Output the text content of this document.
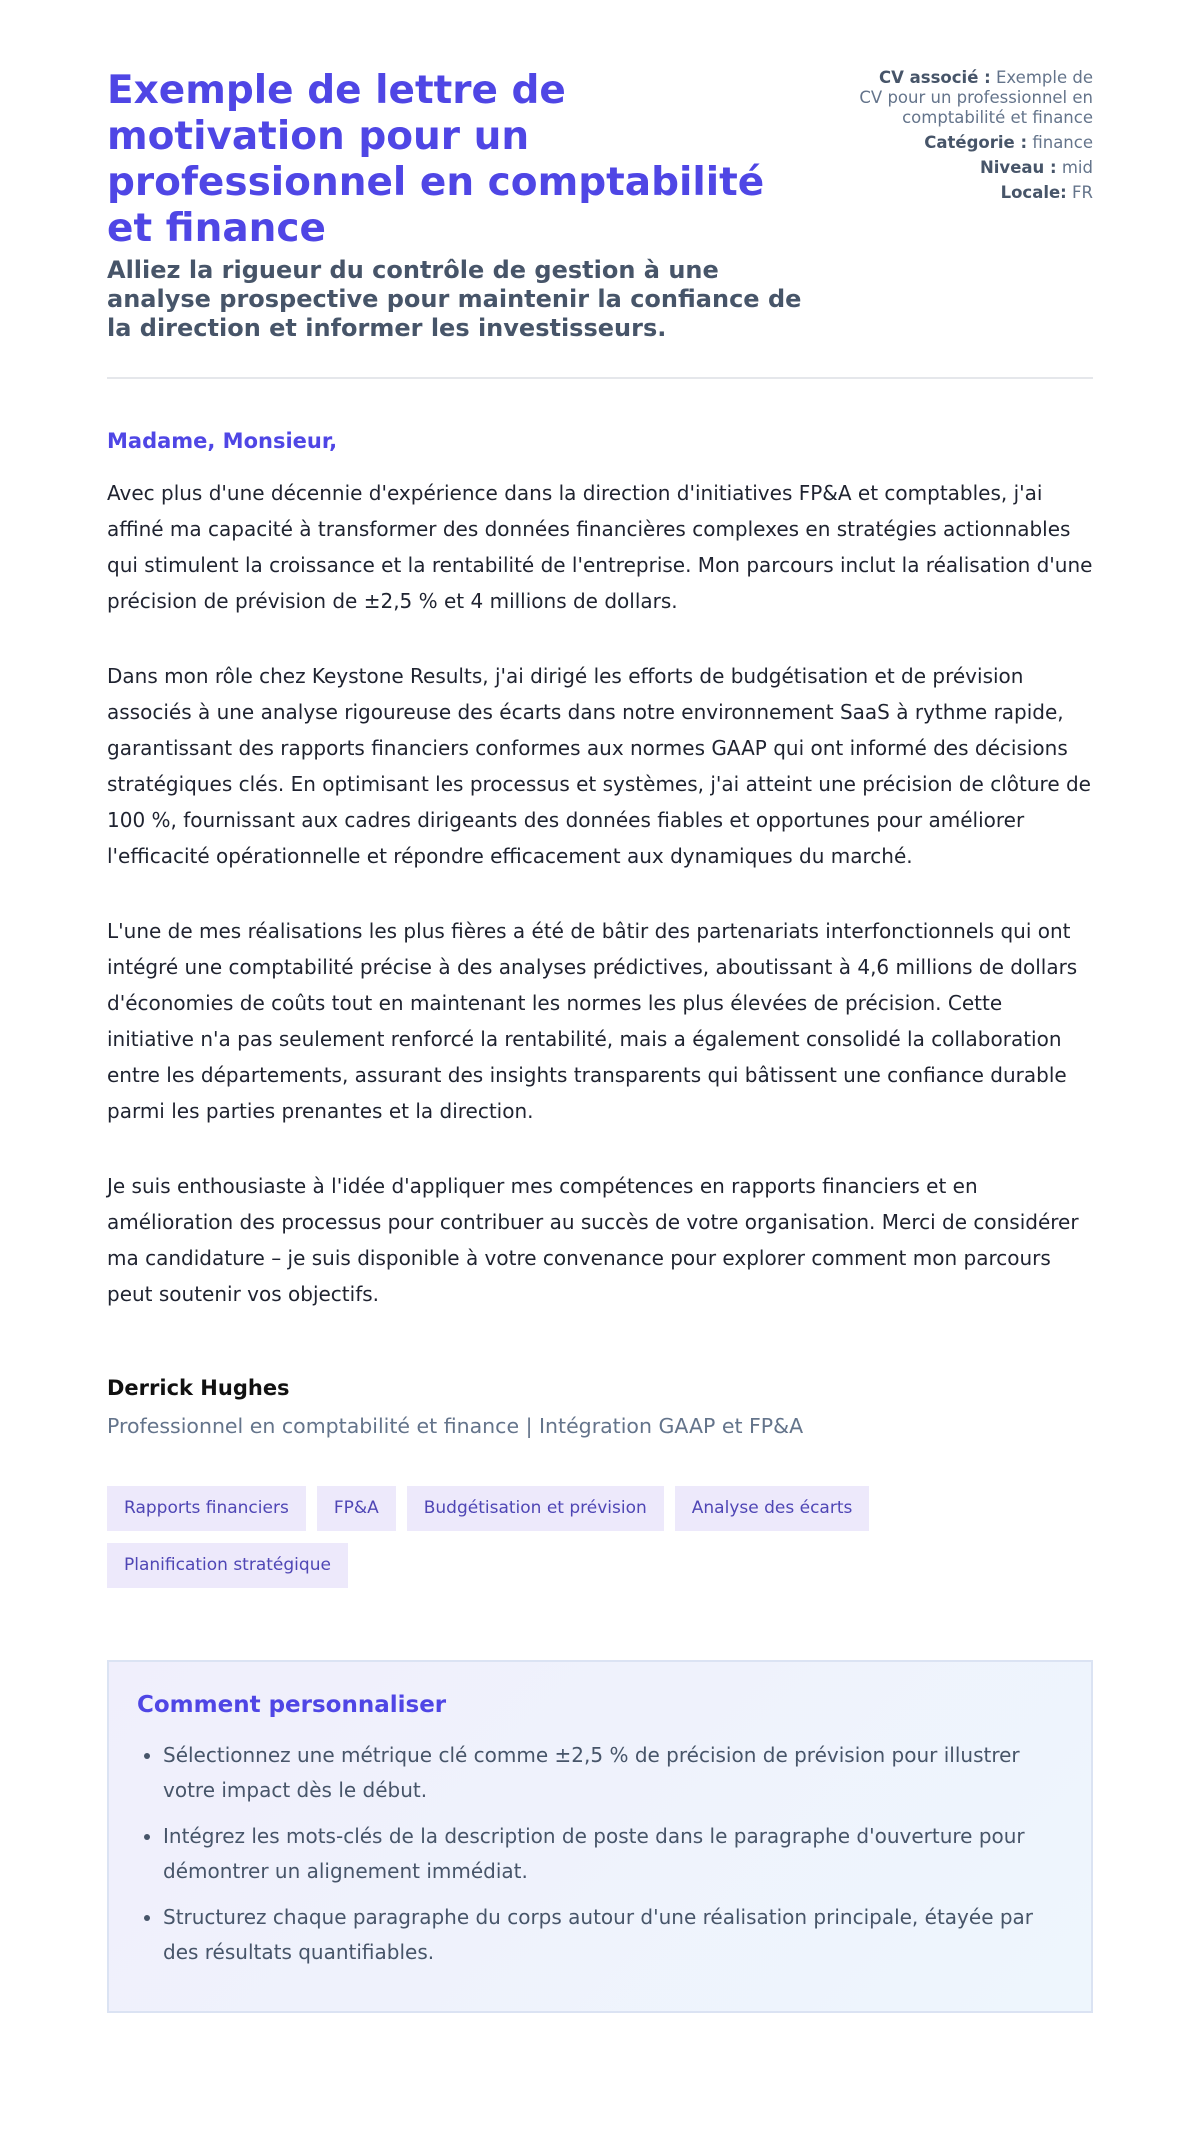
Exemple de lettre de motivation pour un professionnel en comptabilité et finance

Alliez la rigueur du contrôle de gestion à une analyse prospective pour maintenir la confiance de la direction et informer les investisseurs.

CV associé : Exemple de CV pour un professionnel en comptabilité et finance
Catégorie : finance
Niveau : mid
Locale: FR
Madame, Monsieur,

Avec plus d'une décennie d'expérience dans la direction d'initiatives FP&A et comptables, j'ai affiné ma capacité à transformer des données financières complexes en stratégies actionnables qui stimulent la croissance et la rentabilité de l'entreprise. Mon parcours inclut la réalisation d'une précision de prévision de ±2,5 % et 4 millions de dollars.

Dans mon rôle chez Keystone Results, j'ai dirigé les efforts de budgétisation et de prévision associés à une analyse rigoureuse des écarts dans notre environnement SaaS à rythme rapide, garantissant des rapports financiers conformes aux normes GAAP qui ont informé des décisions stratégiques clés. En optimisant les processus et systèmes, j'ai atteint une précision de clôture de 100 %, fournissant aux cadres dirigeants des données fiables et opportunes pour améliorer l'efficacité opérationnelle et répondre efficacement aux dynamiques du marché.

L'une de mes réalisations les plus fières a été de bâtir des partenariats interfonctionnels qui ont intégré une comptabilité précise à des analyses prédictives, aboutissant à 4,6 millions de dollars d'économies de coûts tout en maintenant les normes les plus élevées de précision. Cette initiative n'a pas seulement renforcé la rentabilité, mais a également consolidé la collaboration entre les départements, assurant des insights transparents qui bâtissent une confiance durable parmi les parties prenantes et la direction.

Je suis enthousiaste à l'idée d'appliquer mes compétences en rapports financiers et en amélioration des processus pour contribuer au succès de votre organisation. Merci de considérer ma candidature – je suis disponible à votre convenance pour explorer comment mon parcours peut soutenir vos objectifs.

Derrick Hughes
Professionnel en comptabilité et finance | Intégration GAAP et FP&A
Rapports financiers	FP&A	Budgétisation et prévision	Analyse des écarts
Planification stratégique
Comment personnaliser
• Sélectionnez une métrique clé comme ±2,5 % de précision de prévision pour illustrer votre impact dès le début.
• Intégrez les mots-clés de la description de poste dans le paragraphe d'ouverture pour démontrer un alignement immédiat.
• Structurez chaque paragraphe du corps autour d'une réalisation principale, étayée par des résultats quantifiables.
